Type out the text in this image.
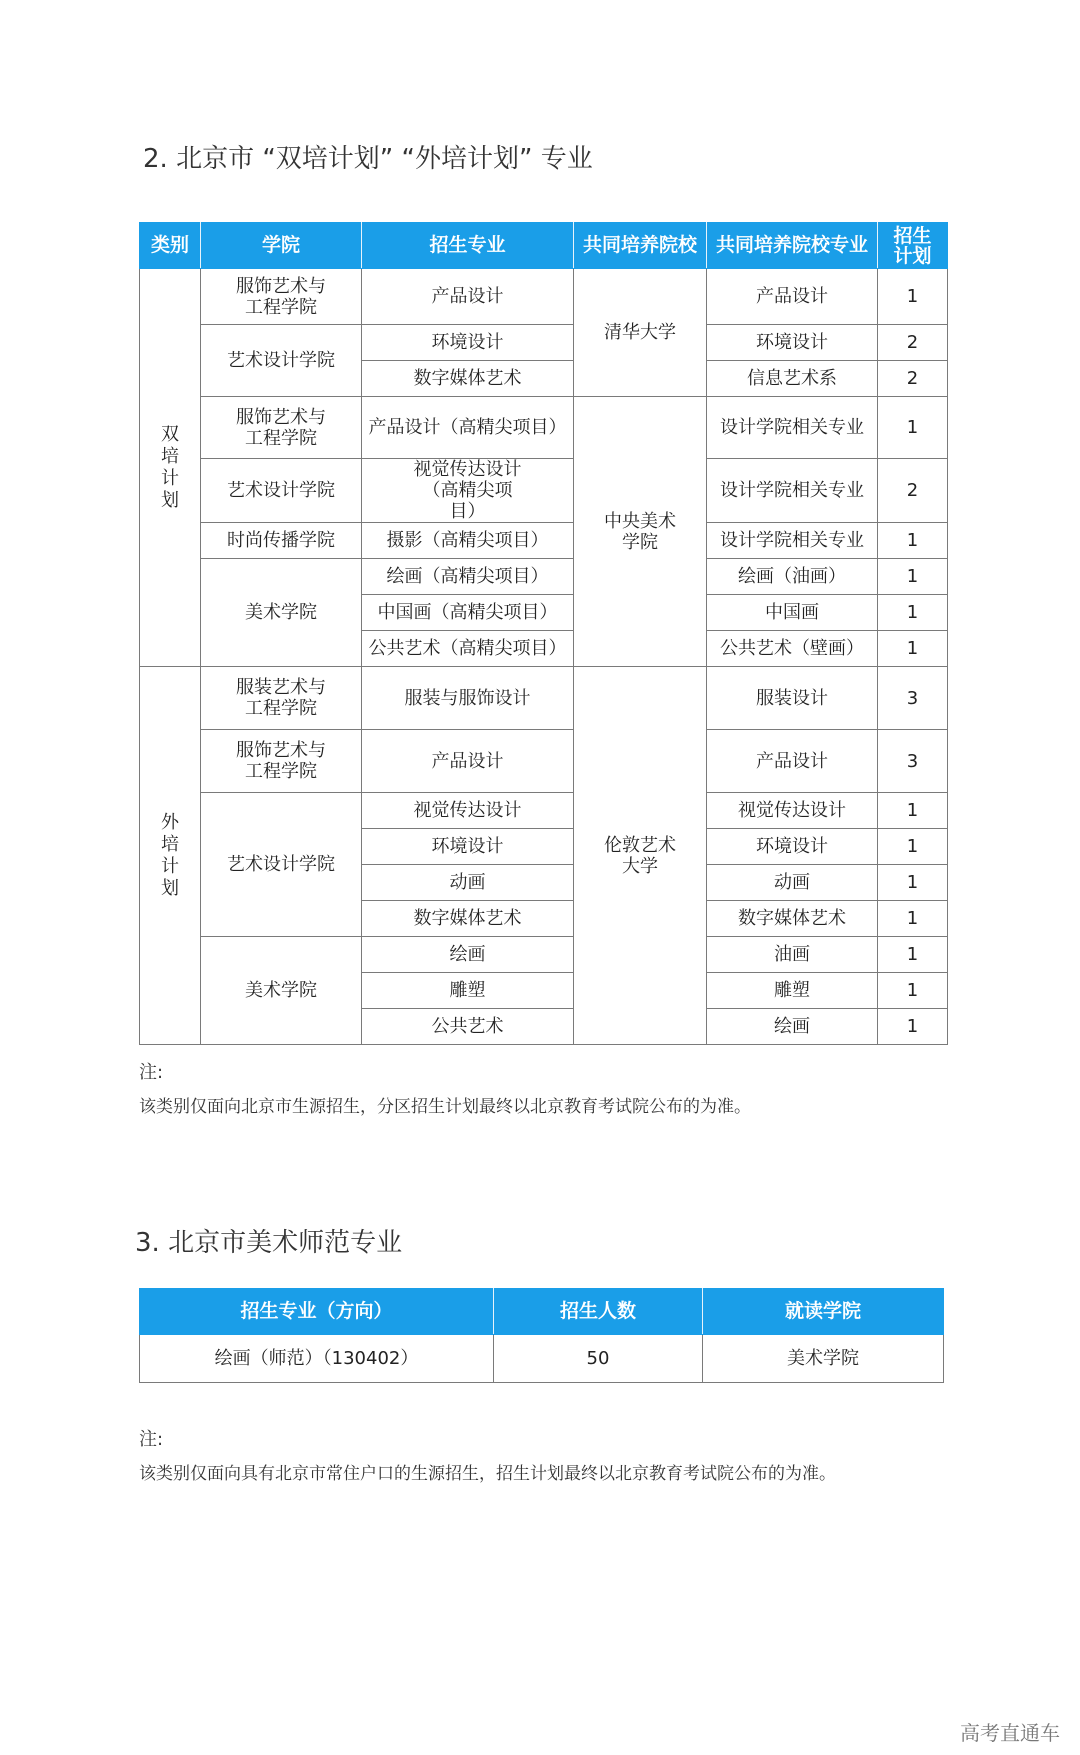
2. 北京市 “双培计划” “外培计划” 专业
类别	学院	招生专业	共同培养院校	共同培养院校专业	招生计划

双培计划	服饰艺术与工程学院	产品设计	清华大学	产品设计	1
	艺术设计学院	环境设计		环境设计	2
		数字媒体艺术		信息艺术系	2

	服饰艺术与工程学院	产品设计（高精尖项目）	中央美术学院	设计学院相关专业	1
	艺术设计学院	视觉传达设计（高精尖项目）		设计学院相关专业	2
	时尚传播学院	摄影（高精尖项目）		设计学院相关专业	1
	美术学院	绘画（高精尖项目）		绘画（油画）	1
		中国画（高精尖项目）		中国画	1
		公共艺术（高精尖项目）		公共艺术（壁画）	1

外培计划	服装艺术与工程学院	服装与服饰设计	伦敦艺术大学	服装设计	3

	服饰艺术与工程学院	产品设计		产品设计	3
	艺术设计学院	视觉传达设计		视觉传达设计	1
		环境设计		环境设计	1
		动画		动画	1
		数字媒体艺术		数字媒体艺术	1
	美术学院	绘画		油画	1
		雕塑		雕塑	1
		公共艺术		绘画	1
注:
该类别仅面向北京市生源招生，分区招生计划最终以北京教育考试院公布的为准。
3. 北京市美术师范专业
招生专业（方向）	招生人数	就读学院
绘画（师范）（130402）	50	美术学院
注:
该类别仅面向具有北京市常住户口的生源招生，招生计划最终以北京教育考试院公布的为准。
高考直通车
